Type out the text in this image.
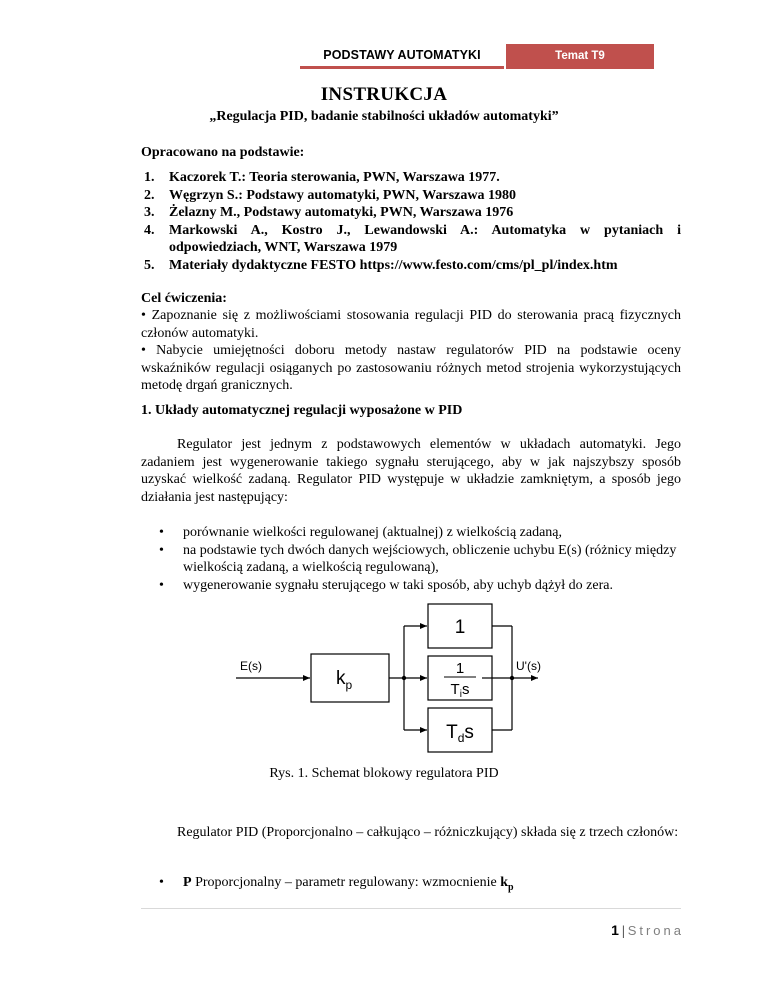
PODSTAWY AUTOMATYKI	Temat T9
INSTRUKCJA
„Regulacja PID, badanie stabilności układów automatyki”
Opracowano na podstawie:
1. Kaczorek T.: Teoria sterowania, PWN, Warszawa 1977.
2. Węgrzyn S.: Podstawy automatyki, PWN, Warszawa 1980
3. Żelazny M., Podstawy automatyki, PWN, Warszawa 1976
4. Markowski A., Kostro J., Lewandowski A.: Automatyka w pytaniach i odpowiedziach, WNT, Warszawa 1979
5. Materiały dydaktyczne FESTO https://www.festo.com/cms/pl_pl/index.htm
Cel ćwiczenia:
• Zapoznanie się z możliwościami stosowania regulacji PID do sterowania pracą fizycznych członów automatyki.
• Nabycie umiejętności doboru metody nastaw regulatorów PID na podstawie oceny wskaźników regulacji osiąganych po zastosowaniu różnych metod strojenia wykorzystujących metodę drgań granicznych.
1. Układy automatycznej regulacji wyposażone w PID
Regulator jest jednym z podstawowych elementów w układach automatyki. Jego zadaniem jest wygenerowanie takiego sygnału sterującego, aby w jak najszybszy sposób uzyskać wielkość zadaną. Regulator PID występuje w układzie zamkniętym, a sposób jego działania jest następujący:
• porównanie wielkości regulowanej (aktualnej) z wielkością zadaną,
• na podstawie tych dwóch danych wejściowych, obliczenie uchybu E(s) (różnicy między wielkością zadaną, a wielkością regulowaną),
• wygenerowanie sygnału sterującego w taki sposób, aby uchyb dążył do zera.
E(s)	U'(s)
$k_p$
1
1
$T_is$
$T_ds$
Rys. 1. Schemat blokowy regulatora PID
Regulator PID (Proporcjonalno – całkująco – różniczkujący) składa się z trzech członów:
• P Proporcjonalny – parametr regulowany: wzmocnienie $k_p$
1 | Strona
